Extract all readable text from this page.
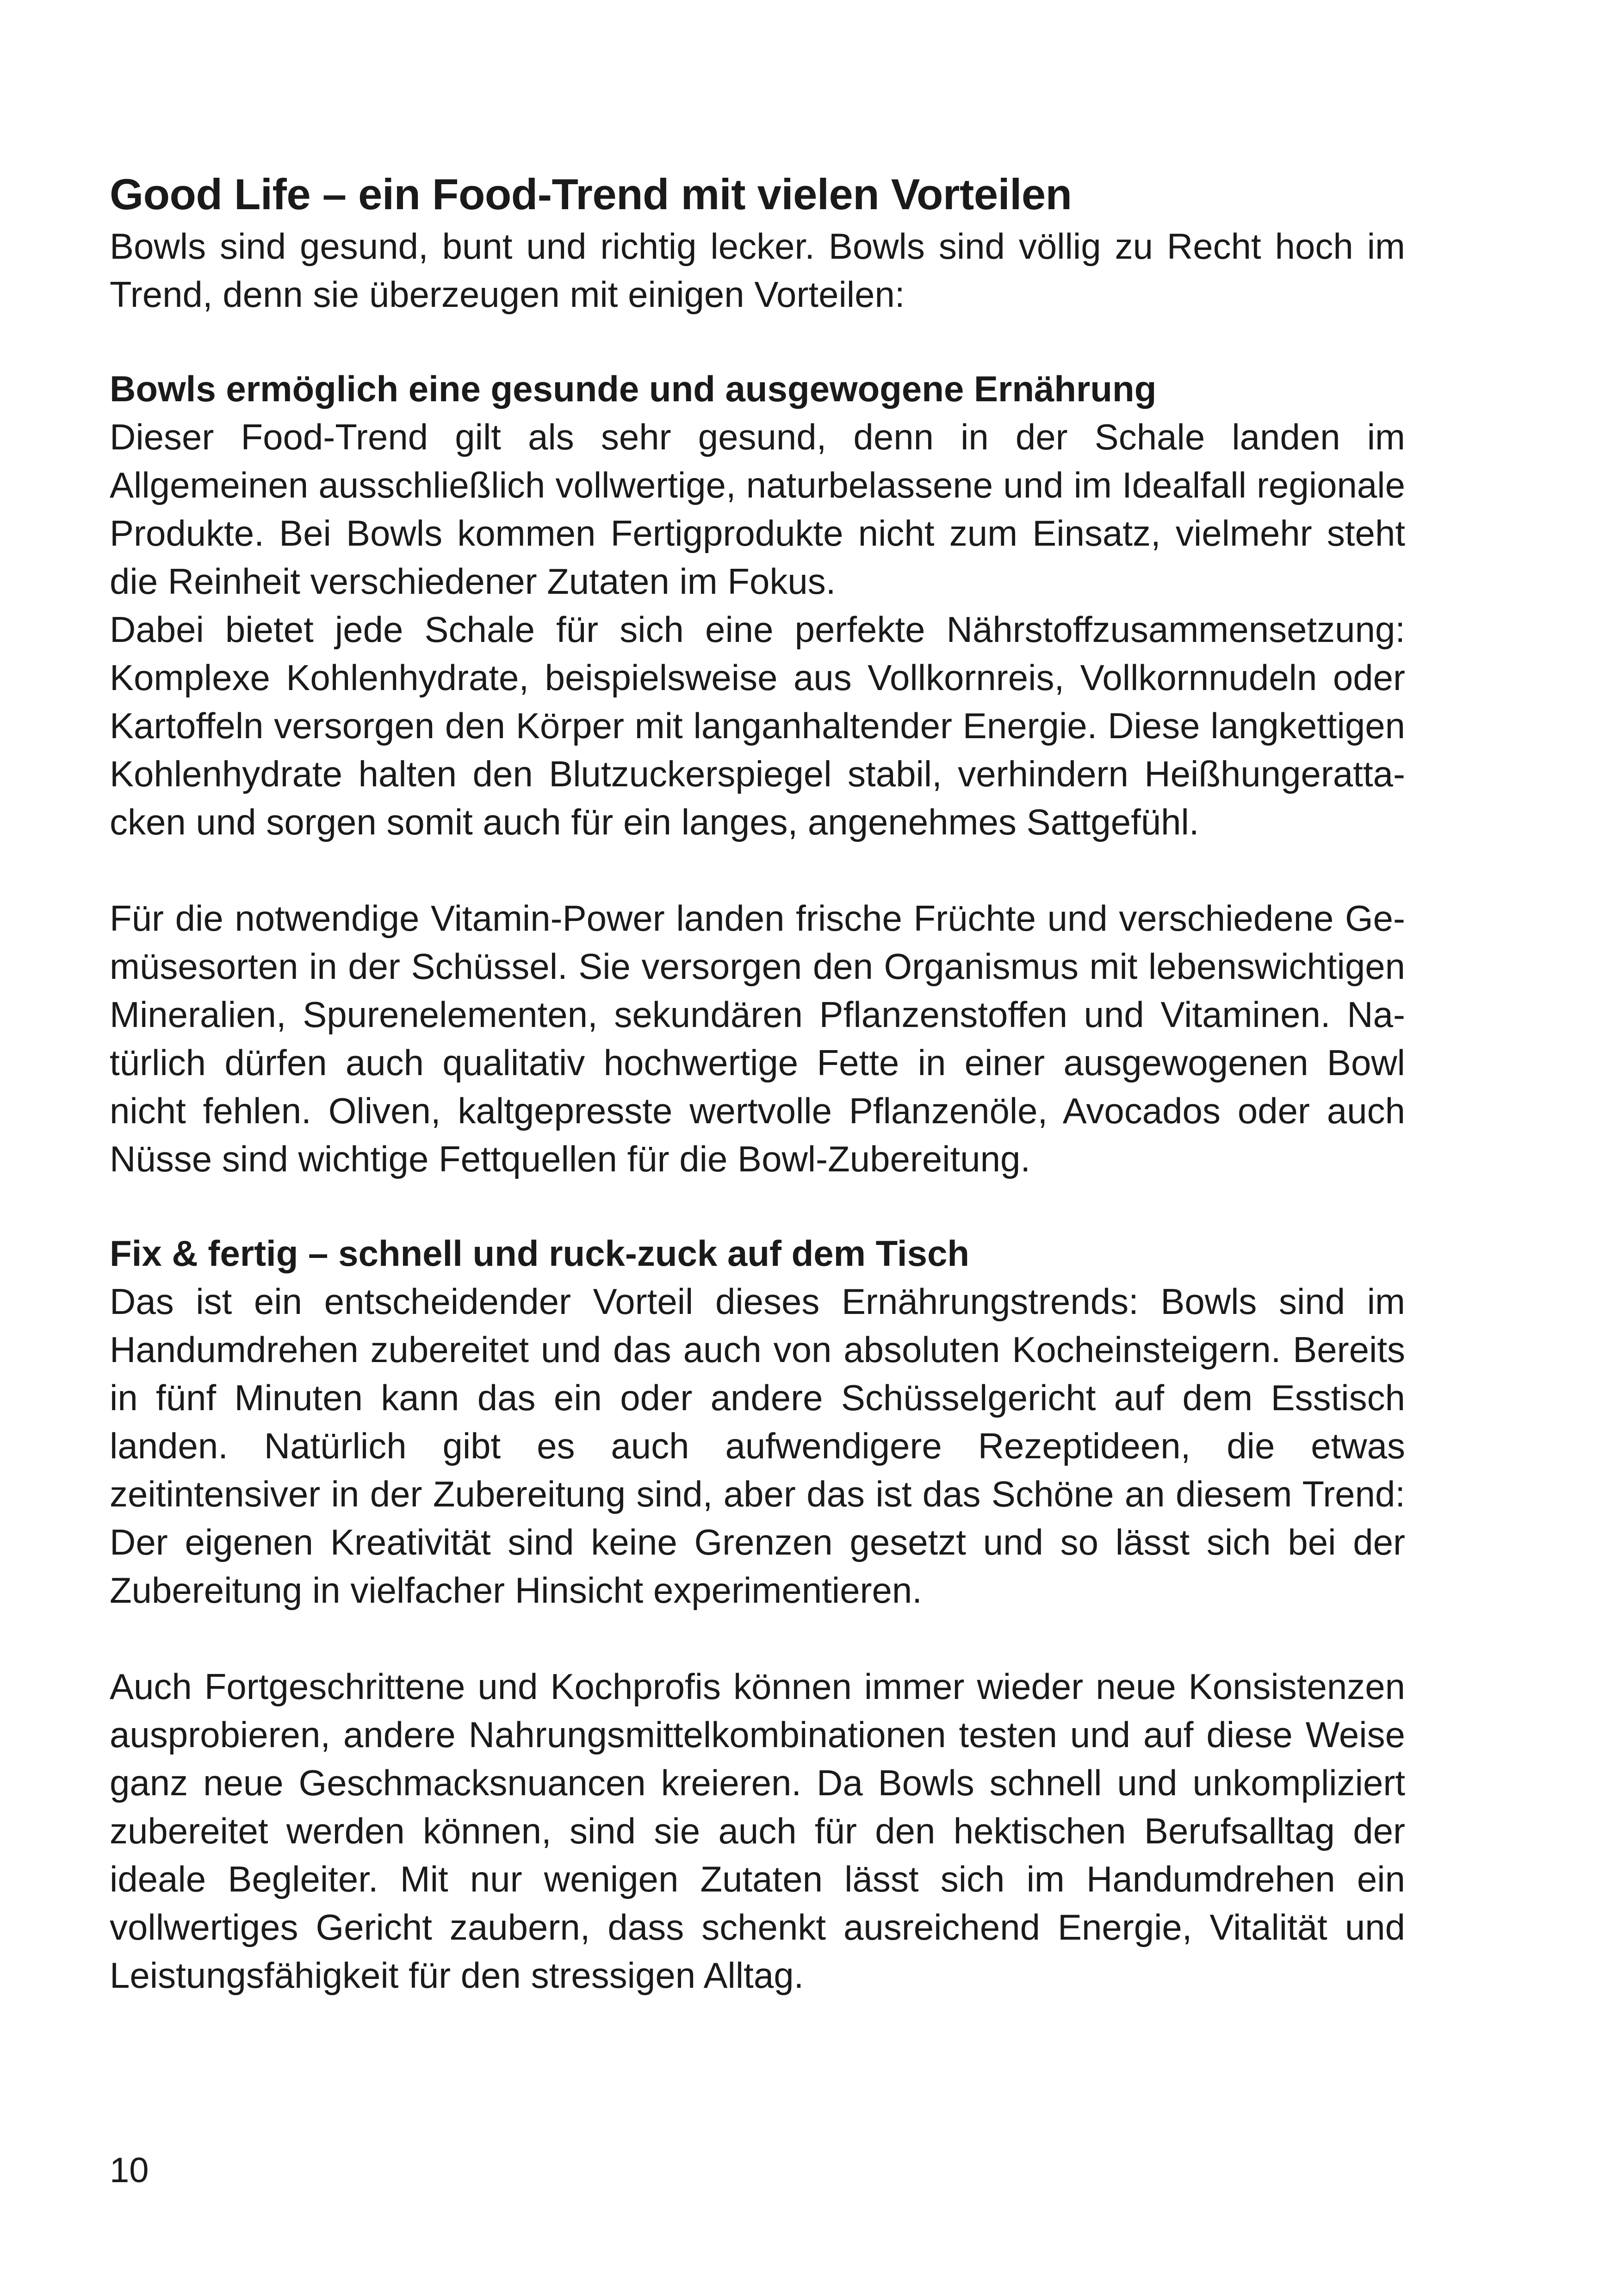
Good Life – ein Food-Trend mit vielen Vorteilen

Bowls sind gesund, bunt und richtig lecker. Bowls sind völlig zu Recht hoch im Trend, denn sie überzeugen mit einigen Vorteilen:

Bowls ermöglich eine gesunde und ausgewogene Ernährung

Dieser Food-Trend gilt als sehr gesund, denn in der Schale landen im Allgemeinen ausschließlich vollwertige, naturbelassene und im Idealfall regionale Produkte. Bei Bowls kommen Fertigprodukte nicht zum Einsatz, vielmehr steht die Reinheit verschiedener Zutaten im Fokus.

Dabei bietet jede Schale für sich eine perfekte Nährstoffzusammensetzung: Komplexe Kohlenhydrate, beispielsweise aus Vollkornreis, Vollkornnudeln oder Kartoffeln versorgen den Körper mit langanhaltender Energie. Diese langkettigen Kohlenhydrate halten den Blutzuckerspiegel stabil, verhindern Heißhungerattacken und sorgen somit auch für ein langes, angenehmes Sattgefühl.

Für die notwendige Vitamin-Power landen frische Früchte und verschiedene Gemüsesorten in der Schüssel. Sie versorgen den Organismus mit lebenswichtigen Mineralien, Spurenelementen, sekundären Pflanzenstoffen und Vitaminen. Natürlich dürfen auch qualitativ hochwertige Fette in einer ausgewogenen Bowl nicht fehlen. Oliven, kaltgepresste wertvolle Pflanzenöle, Avocados oder auch Nüsse sind wichtige Fettquellen für die Bowl-Zubereitung.

Fix & fertig – schnell und ruck-zuck auf dem Tisch

Das ist ein entscheidender Vorteil dieses Ernährungstrends: Bowls sind im Handumdrehen zubereitet und das auch von absoluten Kocheinsteigern. Bereits in fünf Minuten kann das ein oder andere Schüsselgericht auf dem Esstisch landen. Natürlich gibt es auch aufwendigere Rezeptideen, die etwas zeitintensiver in der Zubereitung sind, aber das ist das Schöne an diesem Trend: Der eigenen Kreativität sind keine Grenzen gesetzt und so lässt sich bei der Zubereitung in vielfacher Hinsicht experimentieren.

Auch Fortgeschrittene und Kochprofis können immer wieder neue Konsistenzen ausprobieren, andere Nahrungsmittelkombinationen testen und auf diese Weise ganz neue Geschmacksnuancen kreieren. Da Bowls schnell und unkompliziert zubereitet werden können, sind sie auch für den hektischen Berufsalltag der ideale Begleiter. Mit nur wenigen Zutaten lässt sich im Handumdrehen ein vollwertiges Gericht zaubern, dass schenkt ausreichend Energie, Vitalität und Leistungsfähigkeit für den stressigen Alltag.

10
